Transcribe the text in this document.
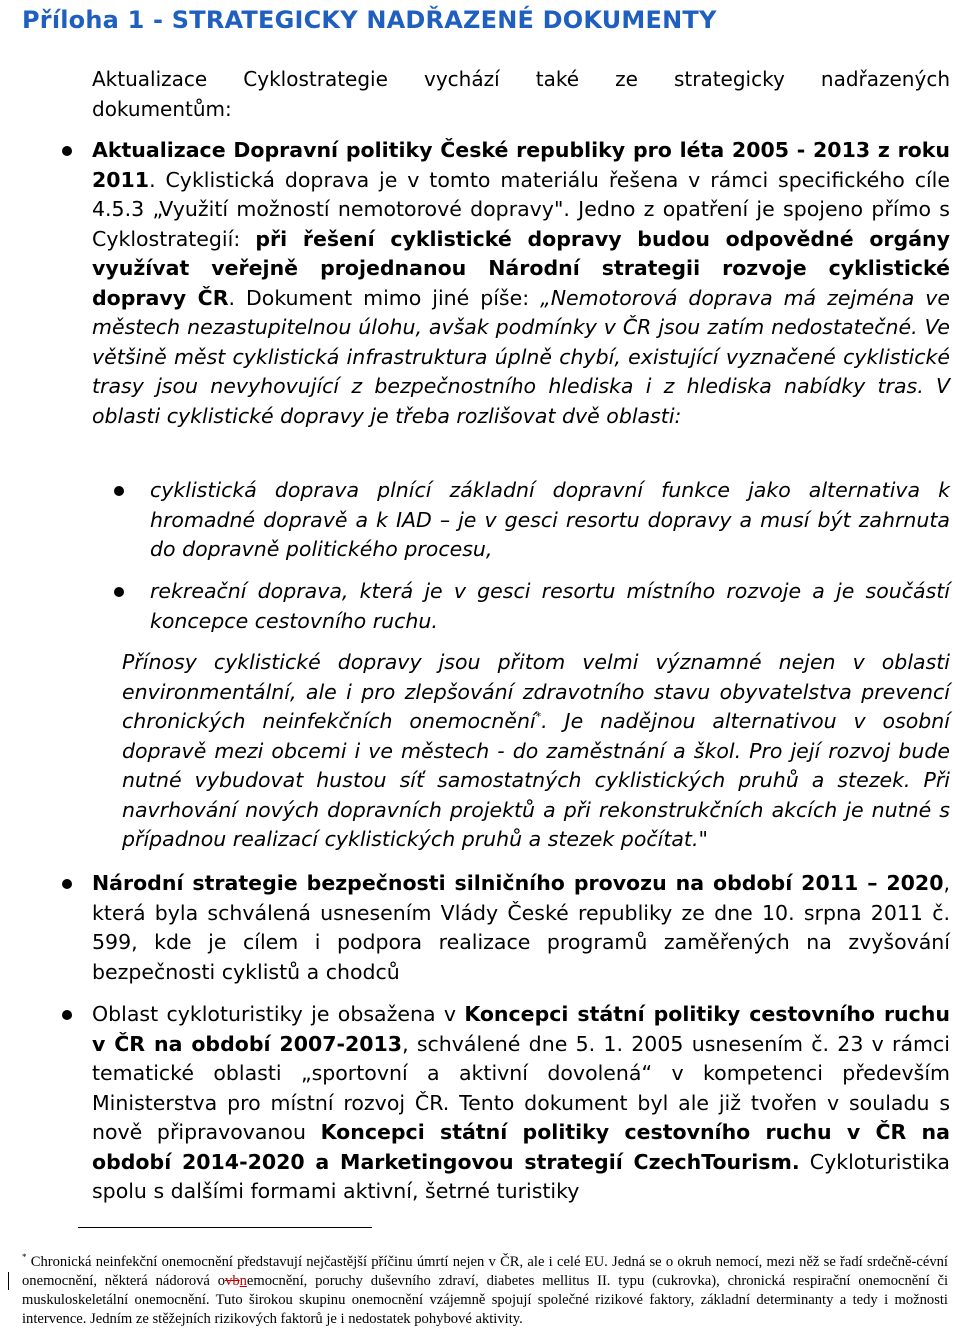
Příloha 1 - STRATEGICKY NADŘAZENÉ DOKUMENTY
Aktualizace Cyklostrategie vychází také ze strategicky nadřazených
dokumentům:

Aktualizace Dopravní politiky České republiky pro léta 2005 - 2013 z roku 2011. Cyklistická doprava je v tomto materiálu řešena v rámci specifického cíle 4.5.3 „Využití možností nemotorové dopravy". Jedno z opatření je spojeno přímo s Cyklostrategií: při řešení cyklistické dopravy budou odpovědné orgány využívat veřejně projednanou Národní strategii rozvoje cyklistické dopravy ČR. Dokument mimo jiné píše: „Nemotorová doprava má zejména ve městech nezastupitelnou úlohu, avšak podmínky v ČR jsou zatím nedostatečné. Ve většině měst cyklistická infrastruktura úplně chybí, existující vyznačené cyklistické trasy jsou nevyhovující z bezpečnostního hlediska i z hlediska nabídky tras. V oblasti cyklistické dopravy je třeba rozlišovat dvě oblasti:

cyklistická doprava plnící základní dopravní funkce jako alternativa k hromadné dopravě a k IAD – je v gesci resortu dopravy a musí být zahrnuta do dopravně politického procesu,
rekreační doprava, která je v gesci resortu místního rozvoje a je součástí koncepce cestovního ruchu.
Přínosy cyklistické dopravy jsou přitom velmi významné nejen v oblasti environmentální, ale i pro zlepšování zdravotního stavu obyvatelstva prevencí chronických neinfekčních onemocnění*. Je nadějnou alternativou v osobní dopravě mezi obcemi i ve městech - do zaměstnání a škol. Pro její rozvoj bude nutné vybudovat hustou síť samostatných cyklistických pruhů a stezek. Při navrhování nových dopravních projektů a při rekonstrukčních akcích je nutné s případnou realizací cyklistických pruhů a stezek počítat."

Národní strategie bezpečnosti silničního provozu na období 2011 – 2020, která byla schválená usnesením Vlády České republiky ze dne 10. srpna 2011 č. 599, kde je cílem i podpora realizace programů zaměřených na zvyšování bezpečnosti cyklistů a chodců

Oblast cykloturistiky je obsažena v Koncepci státní politiky cestovního ruchu v ČR na období 2007-2013, schválené dne 5. 1. 2005 usnesením č. 23 v rámci tematické oblasti „sportovní a aktivní dovolená“ v kompetenci především Ministerstva pro místní rozvoj ČR. Tento dokument byl ale již tvořen v souladu s nově připravovanou Koncepci státní politiky cestovního ruchu v ČR na období 2014-2020 a Marketingovou strategií CzechTourism. Cykloturistika spolu s dalšími formami aktivní, šetrné turistiky

* Chronická neinfekční onemocnění představují nejčastější příčinu úmrtí nejen v ČR, ale i celé EU. Jedná se o okruh nemocí, mezi něž se řadí srdečně-cévní onemocnění, některá nádorová ovbnemocnění, poruchy duševního zdraví, diabetes mellitus II. typu (cukrovka), chronická respirační onemocnění či muskuloskeletální onemocnění. Tuto širokou skupinu onemocnění vzájemně spojují společné rizikové faktory, základní determinanty a tedy i možnosti intervence. Jedním ze stěžejních rizikových faktorů je i nedostatek pohybové aktivity.
